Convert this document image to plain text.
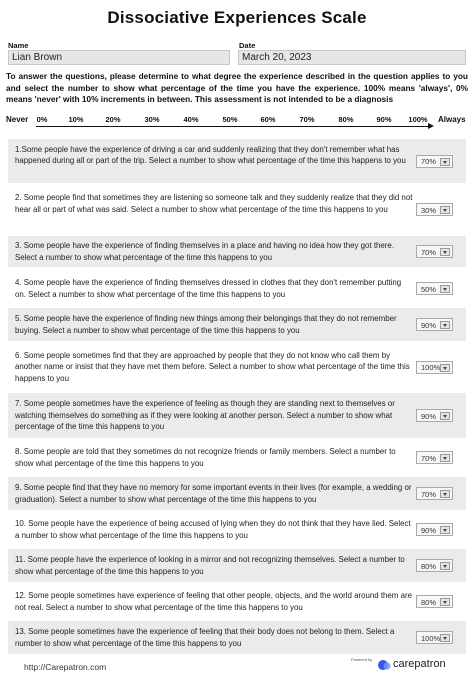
Dissociative Experiences Scale
Name
Lian Brown
Date
March 20, 2023
To answer the questions, please determine to what degree the experience described in the question applies to you and select the number to show what percentage of the time you have the experience. 100% means 'always', 0% means 'never' with 10% increments in between. This assessment is not intended to be a diagnosis
Never	Always
0%	10%	20%	30%	40%	50%	60%	70%	80%	90% 100%
1.Some people have the experience of driving a car and suddenly realizing that they don't remember what has happened during all or part of the trip. Select a number to show what percentage of the time this happens to you	70%
2. Some people find that sometimes they are listening so someone talk and they suddenly realize that they did not hear all or part of what was said. Select a number to show what percentage of the time this happens to you	30%
3. Some people have the experience of finding themselves in a place and having no idea how they got there. Select a number to show what percentage of the time this happens to you
70%
4. Some people have the experience of finding themselves dressed in clothes that they don't remember putting on. Select a number to show what percentage of the time this happens to you
50%
5. Some people have the experience of finding new things among their belongings that they do not remember buying. Select a number to show what percentage of the time this happens to you
90%
6. Some people sometimes find that they are approached by people that they do not know who call them by another name or insist that they have met them before. Select a number to show what percentage of the time this happens to you
100%
7. Some people sometimes have the experience of feeling as though they are standing next to themselves or watching themselves do something as if they were looking at another person. Select a number to show what percentage of the time this happens to you
90%
8. Some people are told that they sometimes do not recognize friends or family members. Select a number to show what percentage of the time this happens to you
70%
9. Some people find that they have no memory for some important events in their lives (for example, a wedding or graduation). Select a number to show what percentage of the time this happens to you
70%
10. Some people have the experience of being accused of lying when they do not think that they have lied. Select a number to show what percentage of the time this happens to you
90%
11. Some people have the experience of looking in a mirror and not recognizing themselves. Select a number to show what percentage of the time this happens to you
80%
12. Some people sometimes have experience of feeling that other people, objects, and the world around them are not real. Select a number to show what percentage of the time this happens to you
80%
13. Some people sometimes have the experience of feeling that their body does not belong to them. Select a number to show what percentage of the time this happens to you
100%
http://Carepatron.com
Powered by carepatron
